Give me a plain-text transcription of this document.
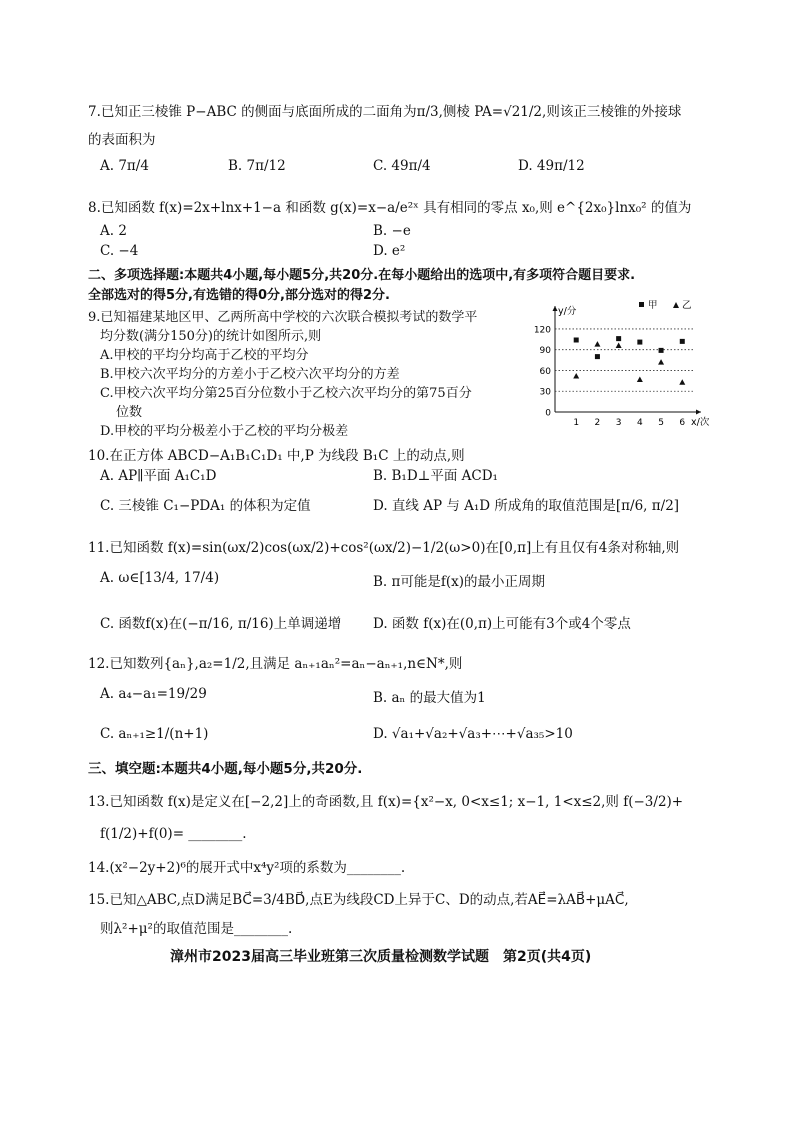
7.已知正三棱锥 P−ABC 的侧面与底面所成的二面角为π/3,侧棱 PA=√21/2,则该正三棱锥的外接球
的表面积为
A. 7π/4	B. 7π/12	C. 49π/4	D. 49π/12
8.已知函数 f(x)=2x+lnx+1−a 和函数 g(x)=x−a/e²ˣ 具有相同的零点 x₀,则 e^{2x₀}lnx₀² 的值为
A. 2	B. −e
C. −4	D. e²
二、多项选择题:本题共4小题,每小题5分,共20分.在每小题给出的选项中,有多项符合题目要求.
全部选对的得5分,有选错的得0分,部分选对的得2分.
9.已知福建某地区甲、乙两所高中学校的六次联合模拟考试的数学平
均分数(满分150分)的统计如图所示,则
A.甲校的平均分均高于乙校的平均分
B.甲校六次平均分的方差小于乙校六次平均分的方差
C.甲校六次平均分第25百分位数小于乙校六次平均分的第75百分
位数
D.甲校的平均分极差小于乙校的平均分极差
0
30
60
90
120
1 2 3 4 5 6
y/分
x/次
甲	乙
10.在正方体 ABCD−A₁B₁C₁D₁ 中,P 为线段 B₁C 上的动点,则
A. AP∥平面 A₁C₁D	B. B₁D⊥平面 ACD₁
C. 三棱锥 C₁−PDA₁ 的体积为定值	D. 直线 AP 与 A₁D 所成角的取值范围是[π/6, π/2]
11.已知函数 f(x)=sin(ωx/2)cos(ωx/2)+cos²(ωx/2)−1/2(ω>0)在[0,π]上有且仅有4条对称轴,则
A. ω∈[13/4, 17/4)	B. π可能是f(x)的最小正周期
C. 函数f(x)在(−π/16, π/16)上单调递增 D. 函数 f(x)在(0,π)上可能有3个或4个零点
12.已知数列{aₙ},a₂=1/2,且满足 aₙ₊₁aₙ²=aₙ−aₙ₊₁,n∈N*,则
A. a₄−a₁=19/29	B. aₙ 的最大值为1
C. aₙ₊₁≥1/(n+1)	D. √a₁+√a₂+√a₃+⋯+√a₃₅>10
三、填空题:本题共4小题,每小题5分,共20分.
13.已知函数 f(x)是定义在[−2,2]上的奇函数,且 f(x)={x²−x, 0<x≤1; x−1, 1<x≤2,则 f(−3/2)+
f(1/2)+f(0)= ________.
14.(x²−2y+2)⁶的展开式中x⁴y²项的系数为________.
15.已知△ABC,点D满足BC⃗=3/4BD⃗,点E为线段CD上异于C、D的动点,若AE⃗=λAB⃗+μAC⃗,
则λ²+μ²的取值范围是________.
漳州市2023届高三毕业班第三次质量检测数学试题　第2页(共4页)
